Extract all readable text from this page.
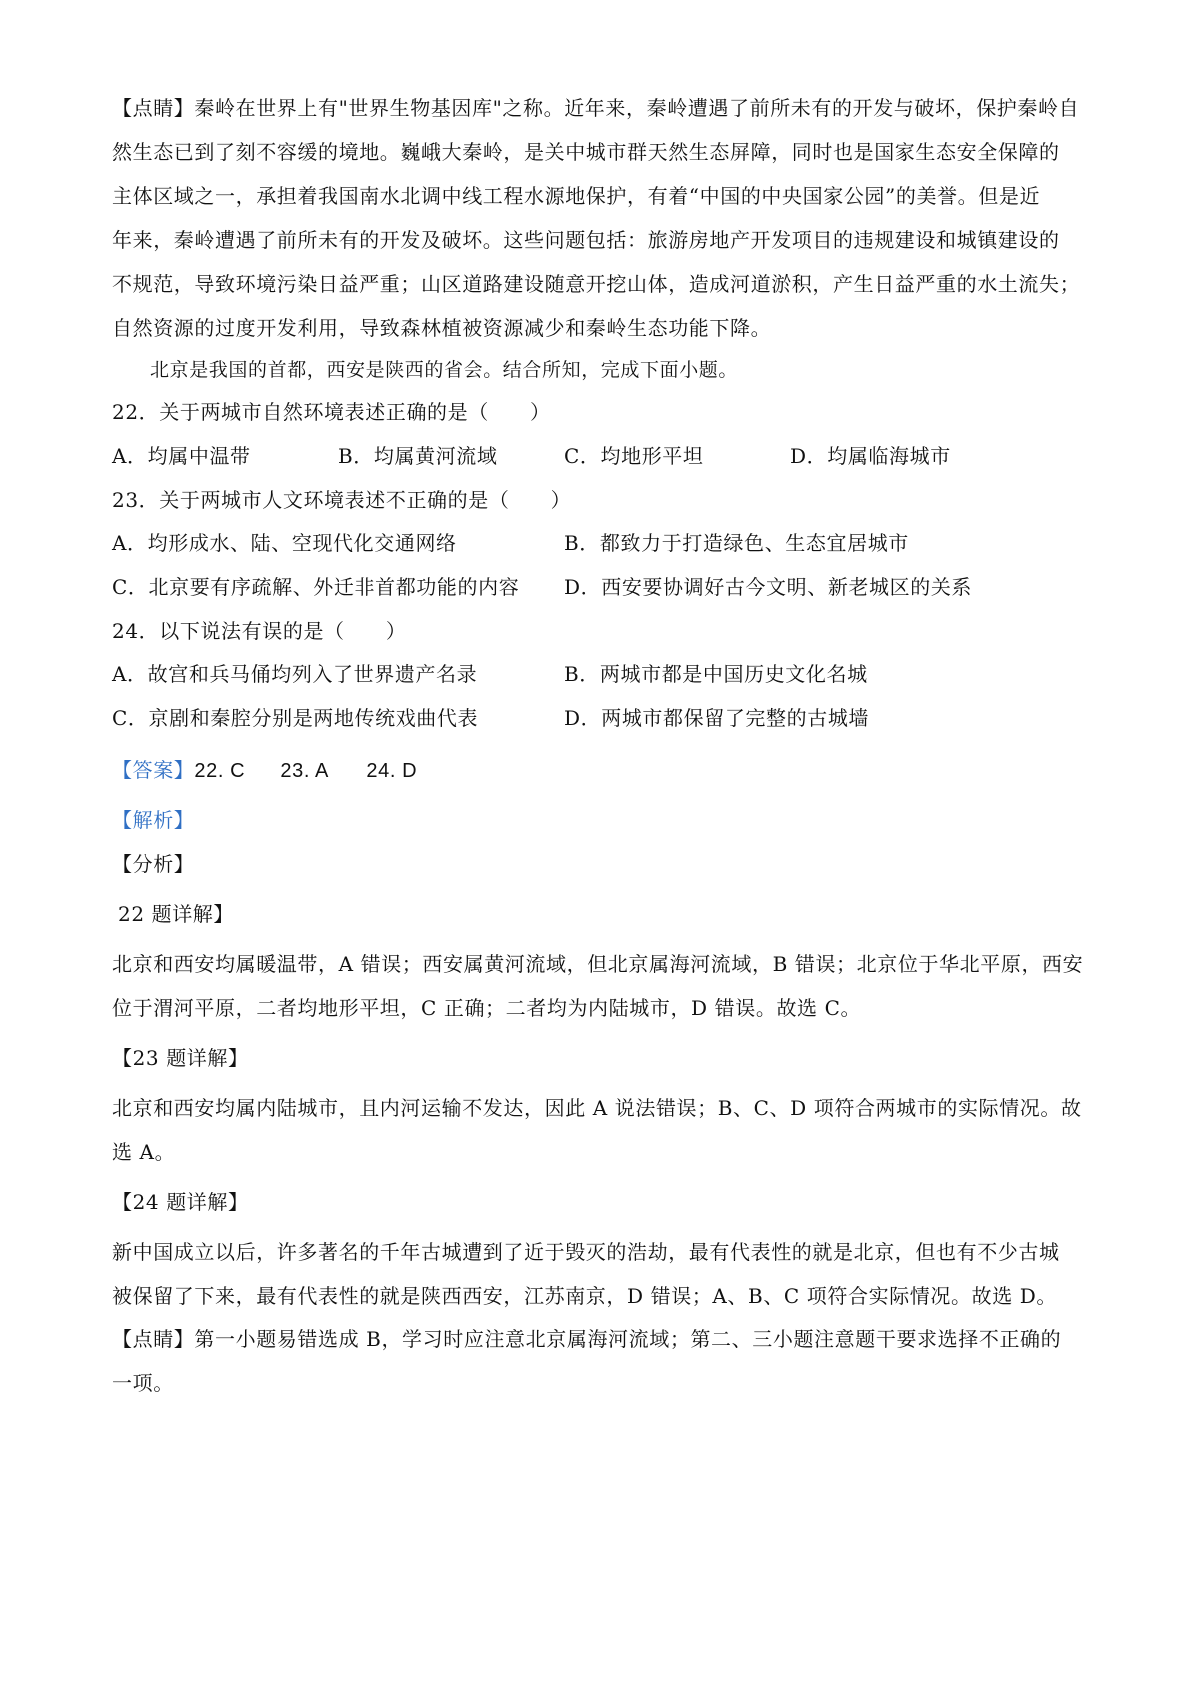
【点睛】秦岭在世界上有"世界生物基因库"之称。近年来，秦岭遭遇了前所未有的开发与破坏，保护秦岭自
然生态已到了刻不容缓的境地。巍峨大秦岭，是关中城市群天然生态屏障，同时也是国家生态安全保障的
主体区域之一，承担着我国南水北调中线工程水源地保护，有着“中国的中央国家公园”的美誉。但是近
年来，秦岭遭遇了前所未有的开发及破坏。这些问题包括：旅游房地产开发项目的违规建设和城镇建设的
不规范，导致环境污染日益严重；山区道路建设随意开挖山体，造成河道淤积，产生日益严重的水土流失；
自然资源的过度开发利用，导致森林植被资源减少和秦岭生态功能下降。
北京是我国的首都，西安是陕西的省会。结合所知，完成下面小题。
22．关于两城市自然环境表述正确的是（　　）
A．均属中温带	B．均属黄河流域	C．均地形平坦	D．均属临海城市
23．关于两城市人文环境表述不正确的是（　　）
A．均形成水、陆、空现代化交通网络	B．都致力于打造绿色、生态宜居城市
C．北京要有序疏解、外迁非首都功能的内容 D．西安要协调好古今文明、新老城区的关系
24．以下说法有误的是（　　）
A．故宫和兵马俑均列入了世界遗产名录	B．两城市都是中国历史文化名城
C．京剧和秦腔分别是两地传统戏曲代表	D．两城市都保留了完整的古城墙
【答案】22. C 23. A 24. D
【解析】
【分析】
22 题详解】
北京和西安均属暖温带，A 错误；西安属黄河流域，但北京属海河流域，B 错误；北京位于华北平原，西安
位于渭河平原，二者均地形平坦，C 正确；二者均为内陆城市，D 错误。故选 C。
【23 题详解】
北京和西安均属内陆城市，且内河运输不发达，因此 A 说法错误；B、C、D 项符合两城市的实际情况。故
选 A。
【24 题详解】
新中国成立以后，许多著名的千年古城遭到了近于毁灭的浩劫，最有代表性的就是北京，但也有不少古城
被保留了下来，最有代表性的就是陕西西安，江苏南京，D 错误；A、B、C 项符合实际情况。故选 D。
【点睛】第一小题易错选成 B，学习时应注意北京属海河流域；第二、三小题注意题干要求选择不正确的
一项。
